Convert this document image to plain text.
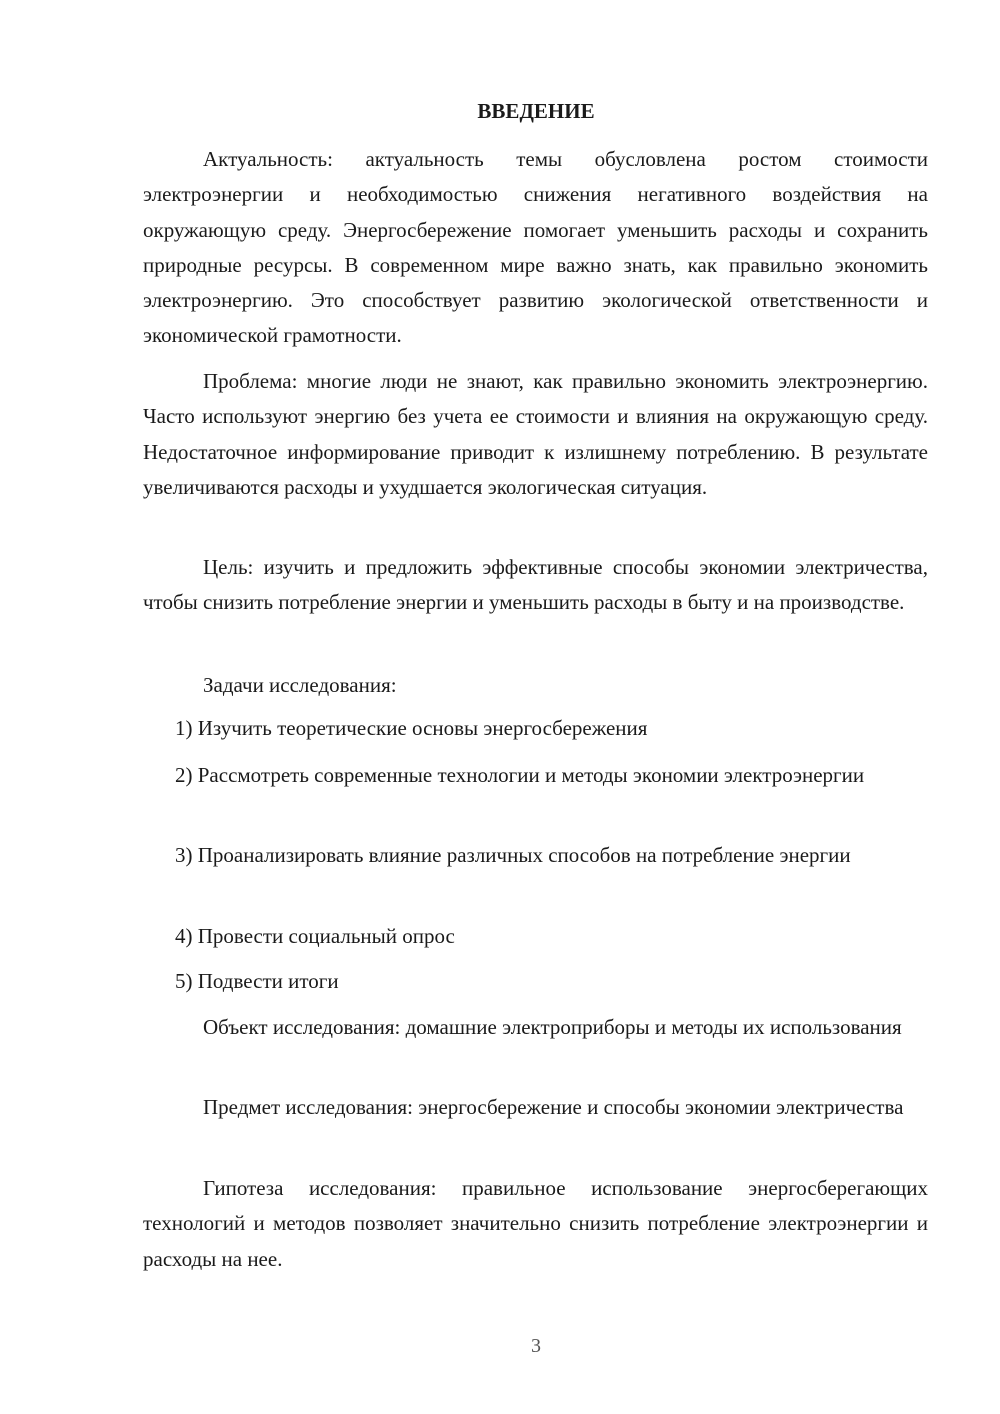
ВВЕДЕНИЕ

Актуальность: актуальность темы обусловлена ростом стоимости электроэнергии и необходимостью снижения негативного воздействия на окружающую среду. Энергосбережение помогает уменьшить расходы и сохранить природные ресурсы. В современном мире важно знать, как правильно экономить электроэнергию. Это способствует развитию экологической ответственности и экономической грамотности.

Проблема: многие люди не знают, как правильно экономить электроэнергию. Часто используют энергию без учета ее стоимости и влияния на окружающую среду. Недостаточное информирование приводит к излишнему потреблению. В результате увеличиваются расходы и ухудшается экологическая ситуация.

Цель: изучить и предложить эффективные способы экономии электричества, чтобы снизить потребление энергии и уменьшить расходы в быту и на производстве.

Задачи исследования:

1) Изучить теоретические основы энергосбережения

2) Рассмотреть современные технологии и методы экономии электроэнергии

3) Проанализировать влияние различных способов на потребление энергии

4) Провести социальный опрос

5) Подвести итоги

Объект исследования: домашние электроприборы и методы их использования

Предмет исследования: энергосбережение и способы экономии электричества

Гипотеза исследования: правильное использование энергосберегающих технологий и методов позволяет значительно снизить потребление электроэнергии и расходы на нее.

3
